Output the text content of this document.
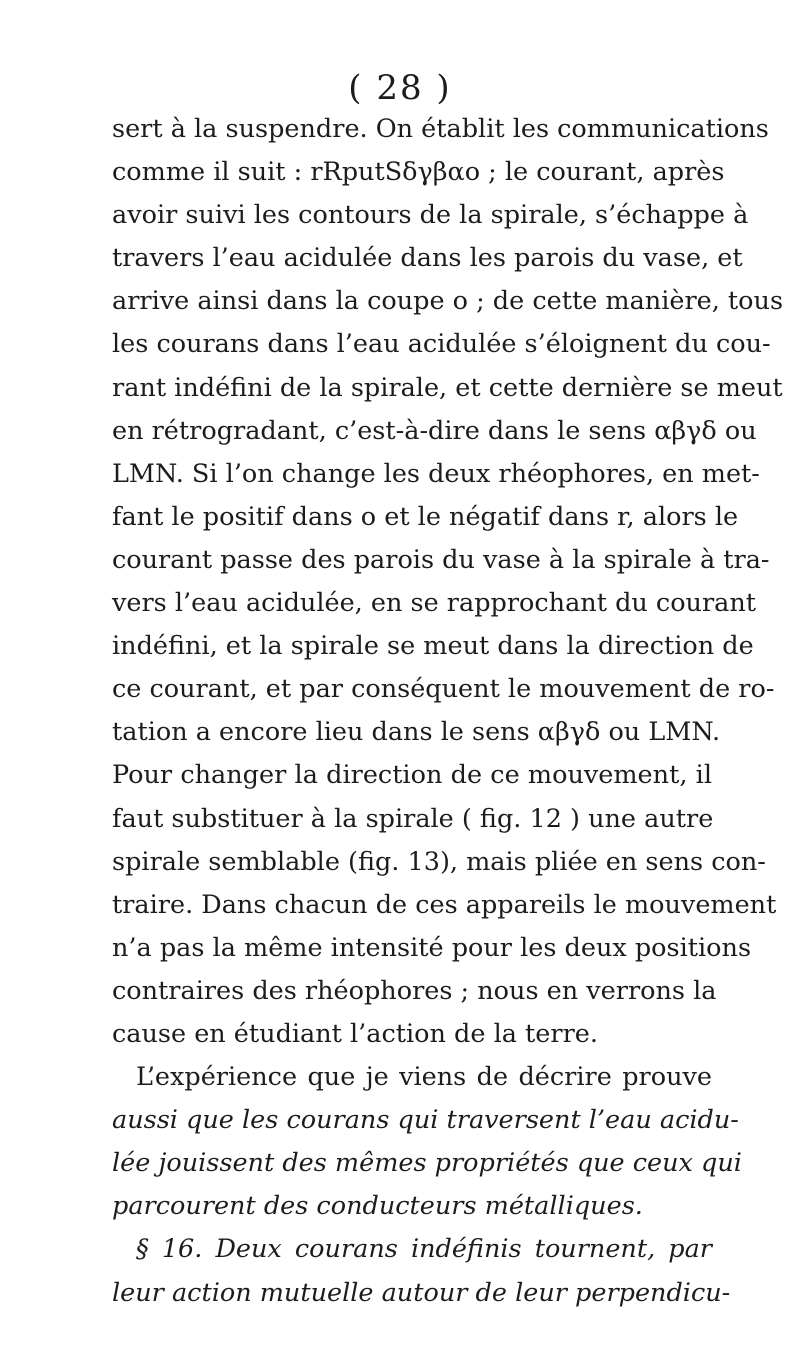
( 28 )
sert à la suspendre. On établit les communications
comme il suit : rRputSδγβαο ; le courant, après
avoir suivi les contours de la spirale, s’échappe à
travers l’eau acidulée dans les parois du vase, et
arrive ainsi dans la coupe o ; de cette manière, tous
les courans dans l’eau acidulée s’éloignent du cou-
rant indéfini de la spirale, et cette dernière se meut
en rétrogradant, c’est-à-dire dans le sens αβγδ ou
LMN. Si l’on change les deux rhéophores, en met-
fant le positif dans o et le négatif dans r, alors le
courant passe des parois du vase à la spirale à tra-
vers l’eau acidulée, en se rapprochant du courant
indéfini, et la spirale se meut dans la direction de
ce courant, et par conséquent le mouvement de ro-
tation a encore lieu dans le sens αβγδ ou LMN.
Pour changer la direction de ce mouvement, il
faut substituer à la spirale ( fig. 12 ) une autre
spirale semblable (fig. 13), mais pliée en sens con-
traire. Dans chacun de ces appareils le mouvement
n’a pas la même intensité pour les deux positions
contraires des rhéophores ; nous en verrons la
cause en étudiant l’action de la terre.
L’expérience que je viens de décrire prouve
aussi que les courans qui traversent l’eau acidu-
lée jouissent des mêmes propriétés que ceux qui
parcourent des conducteurs métalliques.
§ 16. Deux courans indéfinis tournent, par
leur action mutuelle autour de leur perpendicu-
